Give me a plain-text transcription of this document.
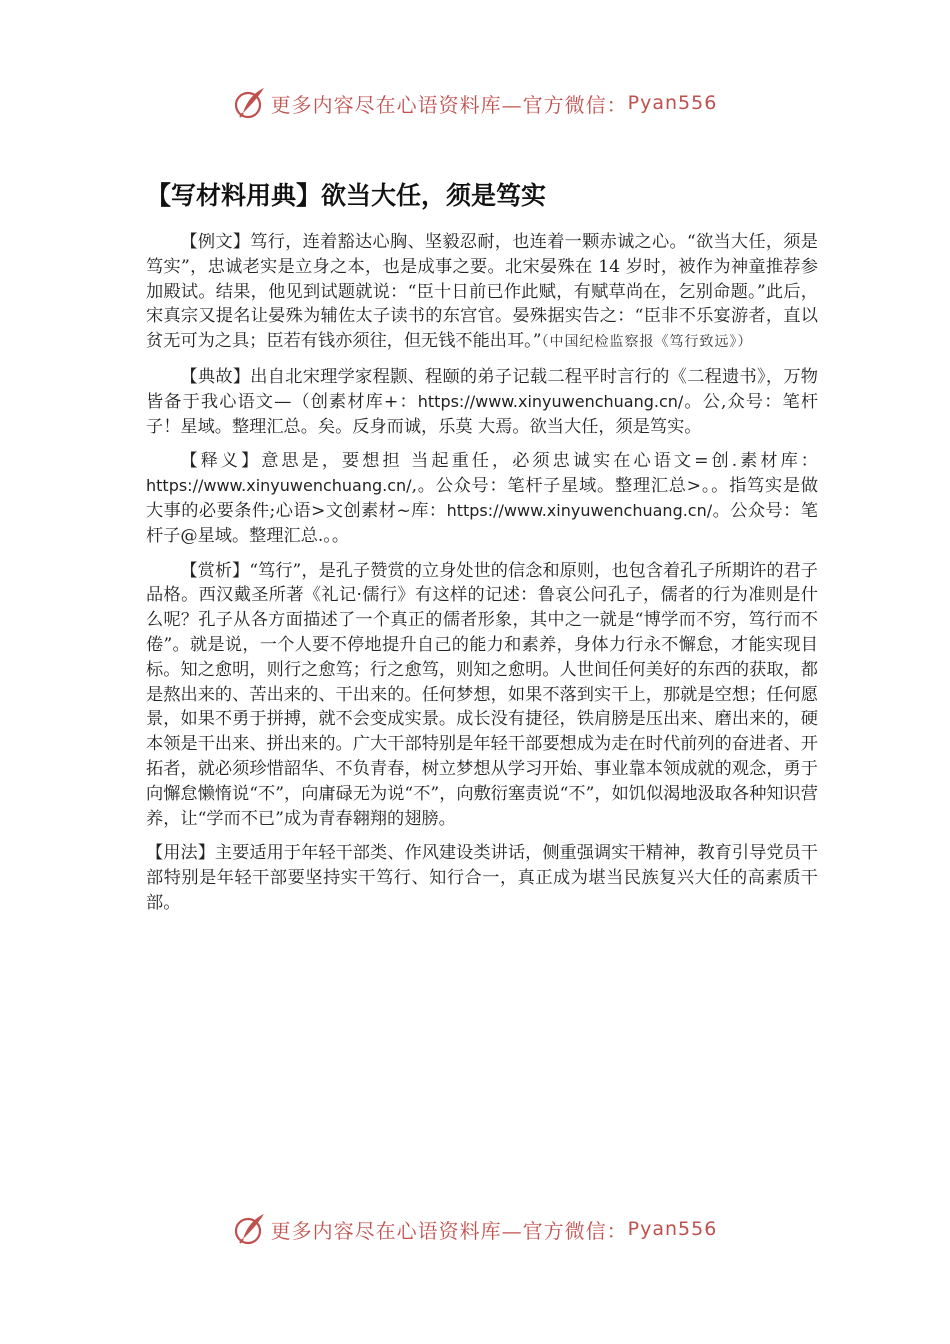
更多内容尽在心语资料库—官方微信： Pyan556
【写材料用典】欲当大任，须是笃实

【例文】笃行，连着豁达心胸、坚毅忍耐，也连着一颗赤诚之心。“欲当大任，须是笃实”，忠诚老实是立身之本，也是成事之要。北宋晏殊在 14 岁时，被作为神童推荐参加殿试。结果，他见到试题就说：“臣十日前已作此赋，有赋草尚在，乞别命题。”此后，宋真宗又提名让晏殊为辅佐太子读书的东宫官。晏殊据实告之：“臣非不乐宴游者，直以贫无可为之具；臣若有钱亦须往，但无钱不能出耳。”（中国纪检监察报《笃行致远》）

【典故】出自北宋理学家程颢、程颐的弟子记载二程平时言行的《二程遗书》，万物皆备于我心语文—（创素材库+：https://www.xinyuwenchuang.cn/。公,众号：笔杆子！星域。整理汇总。矣。反身而诚，乐莫 大焉。欲当大任，须是笃实。

【释义】意思是，要想担 当起重任，必须忠诚实在心语文=创.素材库：https://www.xinyuwenchuang.cn/,。公众号：笔杆子星域。整理汇总>。。指笃实是做大事的必要条件;心语>文创素材~库：https://www.xinyuwenchuang.cn/。公众号：笔杆子@星域。整理汇总.。。

【赏析】“笃行”，是孔子赞赏的立身处世的信念和原则，也包含着孔子所期许的君子品格。西汉戴圣所著《礼记·儒行》有这样的记述：鲁哀公问孔子，儒者的行为准则是什么呢？孔子从各方面描述了一个真正的儒者形象，其中之一就是“博学而不穷，笃行而不倦”。就是说，一个人要不停地提升自己的能力和素养，身体力行永不懈怠，才能实现目标。知之愈明，则行之愈笃；行之愈笃，则知之愈明。人世间任何美好的东西的获取，都是熬出来的、苦出来的、干出来的。任何梦想，如果不落到实干上，那就是空想；任何愿景，如果不勇于拼搏，就不会变成实景。成长没有捷径，铁肩膀是压出来、磨出来的，硬本领是干出来、拼出来的。广大干部特别是年轻干部要想成为走在时代前列的奋进者、开拓者，就必须珍惜韶华、不负青春，树立梦想从学习开始、事业靠本领成就的观念，勇于向懈怠懒惰说“不”，向庸碌无为说“不”，向敷衍塞责说“不”，如饥似渴地汲取各种知识营养，让“学而不已”成为青春翱翔的翅膀。

【用法】主要适用于年轻干部类、作风建设类讲话，侧重强调实干精神，教育引导党员干部特别是年轻干部要坚持实干笃行、知行合一，真正成为堪当民族复兴大任的高素质干部。

更多内容尽在心语资料库—官方微信： Pyan556
